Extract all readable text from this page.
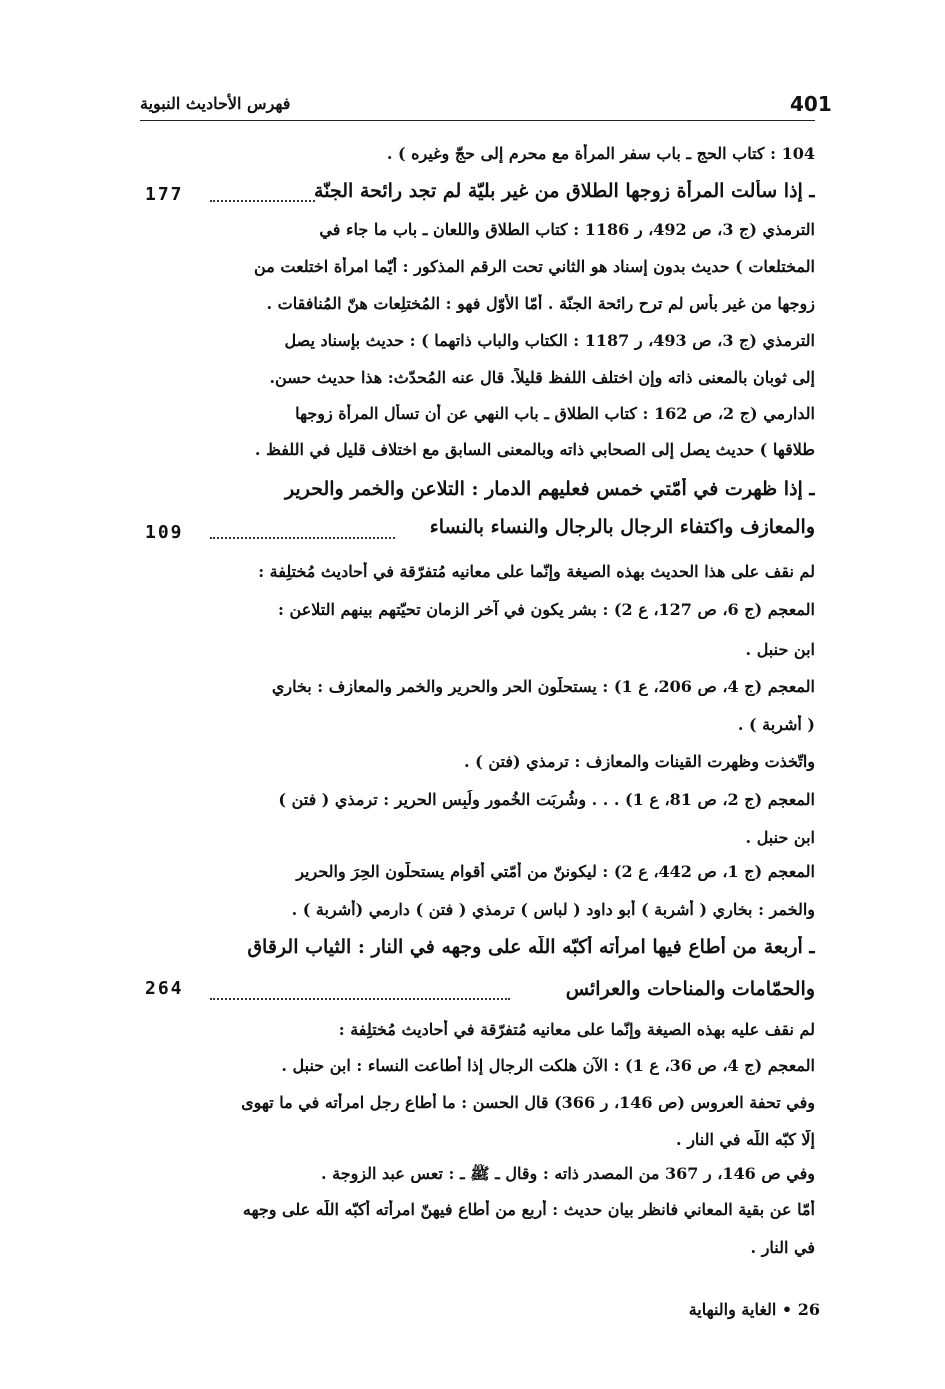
401
فهرس الأحاديث النبوية
104 : كتاب الحج ـ باب سفر المرأة مع محرم إلى حجّ وغيره ) .
ـ إذا سألت المرأة زوجها الطلاق من غير بليّة لم تجد رائحة الجنّة
177
الترمذي (ج 3، ص 492، ر 1186 : كتاب الطلاق واللعان ـ باب ما جاء في
المختلعات ) حديث بدون إسناد هو الثاني تحت الرقم المذكور : أيّما امرأة اختلعت من
زوجها من غير بأس لم ترح رائحة الجنّة . أمّا الأوّل فهو : المُختلِعات هنّ المُنافقات .
الترمذي (ج 3، ص 493، ر 1187 : الكتاب والباب ذاتهما ) : حديث بإسناد يصل
إلى ثوبان بالمعنى ذاته وإن اختلف اللفظ قليلاً. قال عنه المُحدّث: هذا حديث حسن.
الدارمي (ج 2، ص 162 : كتاب الطلاق ـ باب النهي عن أن تسأل المرأة زوجها
طلاقها ) حديث يصل إلى الصحابي ذاته وبالمعنى السابق مع اختلاف قليل في اللفظ .
ـ إذا ظهرت في أمّتي خمس فعليهم الدمار : التلاعن والخمر والحرير
والمعازف واكتفاء الرجال بالرجال والنساء بالنساء
109
لم نقف على هذا الحديث بهذه الصيغة وإنّما على معانيه مُتفرّقة في أحاديث مُختلِفة :
المعجم (ج 6، ص 127، ع 2) : بشر يكون في آخر الزمان تحيّتهم بينهم التلاعن :
ابن حنبل .
المعجم (ج 4، ص 206، ع 1) : يستحلّون الحر والحرير والخمر والمعازف : بخاري
( أشربة ) .
واتّخذت وظهرت القينات والمعازف : ترمذي (فتن ) .
المعجم (ج 2، ص 81، ع 1) . . . وشُرِبَت الخُمور ولُبِس الحرير : ترمذي ( فتن )
ابن حنبل .
المعجم (ج 1، ص 442، ع 2) : ليكوننّ من أمّتي أقوام يستحلّون الحِرَ والحرير
والخمر : بخاري ( أشربة ) أبو داود ( لباس ) ترمذي ( فتن ) دارمي (أشربة ) .
ـ أربعة من أطاع فيها امرأته أكبّه اللّه على وجهه في النار : الثياب الرقاق
والحمّامات والمناحات والعرائس
264
لم نقف عليه بهذه الصيغة وإنّما على معانيه مُتفرّقة في أحاديث مُختلِفة :
المعجم (ج 4، ص 36، ع 1) : الآن هلكت الرجال إذا أطاعت النساء : ابن حنبل .
وفي تحفة العروس (ص 146، ر 366) قال الحسن : ما أطاع رجل امرأته في ما تهوى
إلّا كبّه اللّه في النار .
وفي ص 146، ر 367 من المصدر ذاته : وقال ـ ﷺ ـ : تعس عبد الزوجة .
أمّا عن بقية المعاني فانظر بيان حديث : أربع من أطاع فيهنّ امرأته أكبّه اللّه على وجهه
في النار .
26 • الغاية والنهاية
